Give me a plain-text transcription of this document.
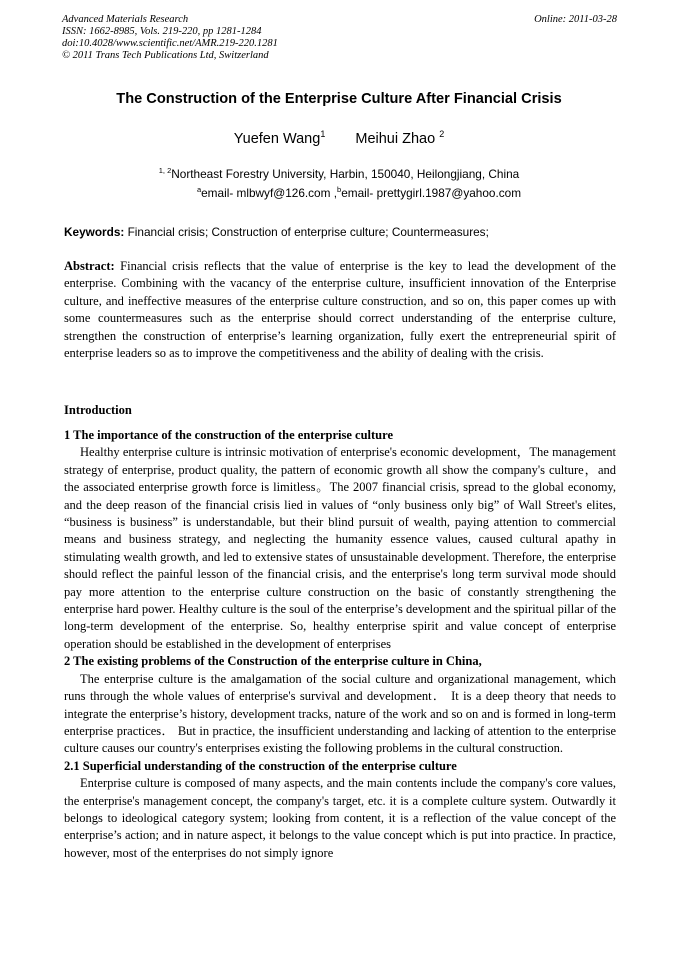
Advanced Materials Research
ISSN: 1662-8985, Vols. 219-220, pp 1281-1284
doi:10.4028/www.scientific.net/AMR.219-220.1281
© 2011 Trans Tech Publications Ltd, Switzerland
Online: 2011-03-28
The Construction of the Enterprise Culture After Financial Crisis
Yuefen Wang$^1$ Meihui Zhao $^2$
$^{1, 2}$Northeast Forestry University, Harbin, 150040, Heilongjiang, China
$^a$email- mlbwyf@126.com ,$^b$email- prettygirl.1987@yahoo.com
Keywords: Financial crisis; Construction of enterprise culture; Countermeasures;
Abstract: Financial crisis reflects that the value of enterprise is the key to lead the development of the enterprise. Combining with the vacancy of the enterprise culture, insufficient innovation of the Enterprise culture, and ineffective measures of the enterprise culture construction, and so on, this paper comes up with some countermeasures such as the enterprise should correct understanding of the enterprise culture, strengthen the construction of enterprise’s learning organization, fully exert the entrepreneurial spirit of enterprise leaders so as to improve the competitiveness and the ability of dealing with the crisis.
Introduction

1 The importance of the construction of the enterprise culture

Healthy enterprise culture is intrinsic motivation of enterprise's economic development，The management strategy of enterprise, product quality, the pattern of economic growth all show the company's culture，and the associated enterprise growth force is limitless。The 2007 financial crisis, spread to the global economy, and the deep reason of the financial crisis lied in values of “only business only big” of Wall Street's elites, “business is business” is understandable, but their blind pursuit of wealth, paying attention to commercial means and business strategy, and neglecting the humanity essence values, caused cultural apathy in stimulating wealth growth, and led to extensive states of unsustainable development. Therefore, the enterprise should reflect the painful lesson of the financial crisis, and the enterprise's long term survival mode should pay more attention to the enterprise culture construction on the basic of constantly strengthening the enterprise hard power. Healthy culture is the soul of the enterprise’s development and the spiritual pillar of the long-term development of the enterprise. So, healthy enterprise spirit and value concept of enterprise operation should be established in the development of enterprises

2 The existing problems of the Construction of the enterprise culture in China,

The enterprise culture is the amalgamation of the social culture and organizational management, which runs through the whole values of enterprise's survival and development． It is a deep theory that needs to integrate the enterprise’s history, development tracks, nature of the work and so on and is formed in long-term enterprise practices． But in practice, the insufficient understanding and lacking of attention to the enterprise culture causes our country's enterprises existing the following problems in the cultural construction.

2.1 Superficial understanding of the construction of the enterprise culture

Enterprise culture is composed of many aspects, and the main contents include the company's core values, the enterprise's management concept, the company's target, etc. it is a complete culture system. Outwardly it belongs to ideological category system; looking from content, it is a reflection of the value concept of the enterprise’s action; and in nature aspect, it belongs to the value concept which is put into practice. In practice, however, most of the enterprises do not simply ignore
